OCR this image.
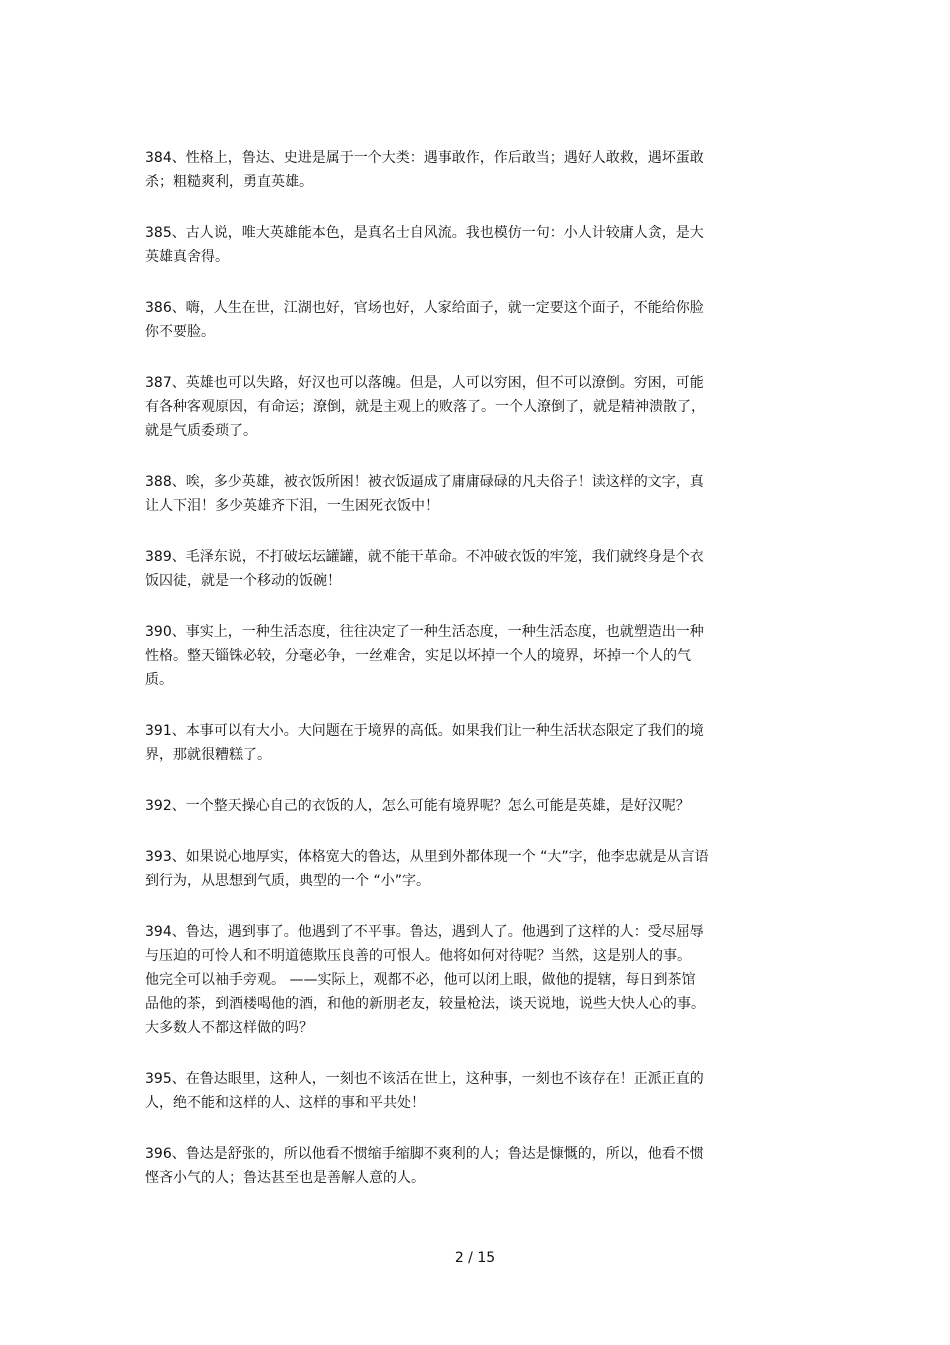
384、性格上，鲁达、史进是属于一个大类：遇事敢作，作后敢当；遇好人敢救，遇坏蛋敢
杀；粗糙爽利，勇直英雄。
385、古人说，唯大英雄能本色，是真名士自风流。我也模仿一句：小人计较庸人贪，是大
英雄真舍得。
386、嗨，人生在世，江湖也好，官场也好，人家给面子，就一定要这个面子，不能给你脸
你不要脸。
387、英雄也可以失路，好汉也可以落魄。但是，人可以穷困，但不可以潦倒。穷困，可能
有各种客观原因，有命运；潦倒，就是主观上的败落了。一个人潦倒了，就是精神溃散了，
就是气质委琐了。
388、唉，多少英雄，被衣饭所困！被衣饭逼成了庸庸碌碌的凡夫俗子！读这样的文字，真
让人下泪！多少英雄齐下泪，一生困死衣饭中！
389、毛泽东说，不打破坛坛罐罐，就不能干革命。不冲破衣饭的牢笼，我们就终身是个衣
饭囚徒，就是一个移动的饭碗！
390、事实上，一种生活态度，往往决定了一种生活态度，一种生活态度，也就塑造出一种
性格。整天锱铢必较，分毫必争，一丝难舍，实足以坏掉一个人的境界，坏掉一个人的气
质。
391、本事可以有大小。大问题在于境界的高低。如果我们让一种生活状态限定了我们的境
界，那就很糟糕了。
392、一个整天操心自己的衣饭的人，怎么可能有境界呢？怎么可能是英雄，是好汉呢？
393、如果说心地厚实，体格宽大的鲁达，从里到外都体现一个 “大”字，他李忠就是从言语
到行为，从思想到气质，典型的一个 “小”字。
394、鲁达，遇到事了。他遇到了不平事。鲁达，遇到人了。他遇到了这样的人：受尽屈辱
与压迫的可怜人和不明道德欺压良善的可恨人。他将如何对待呢？当然，这是别人的事。
他完全可以袖手旁观。 ——实际上，观都不必，他可以闭上眼，做他的提辖，每日到茶馆
品他的茶，到酒楼喝他的酒，和他的新朋老友，较量枪法，谈天说地，说些大快人心的事。
大多数人不都这样做的吗？
395、在鲁达眼里，这种人，一刻也不该活在世上，这种事，一刻也不该存在！正派正直的
人，绝不能和这样的人、这样的事和平共处！
396、鲁达是舒张的，所以他看不惯缩手缩脚不爽利的人；鲁达是慷慨的，所以，他看不惯
悭吝小气的人；鲁达甚至也是善解人意的人。
2 / 15
